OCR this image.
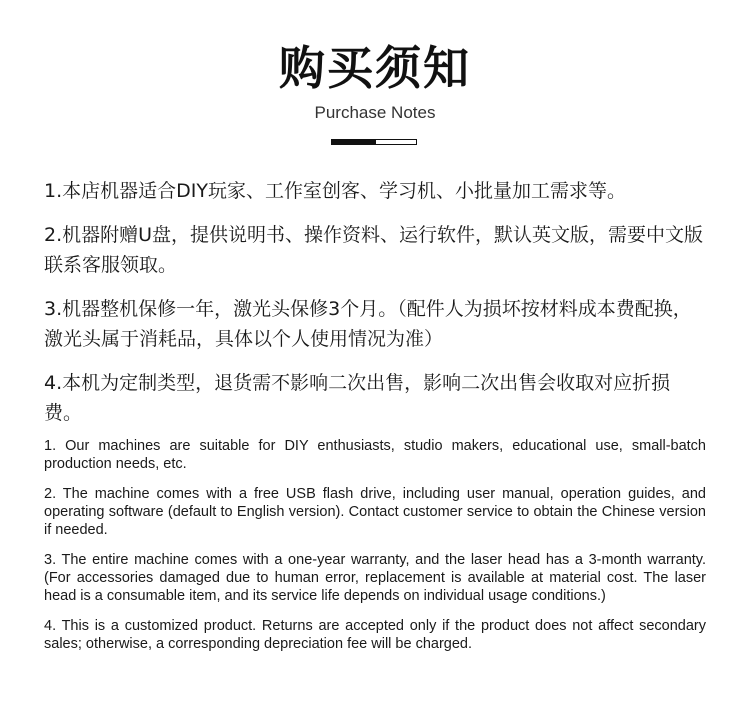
购买须知
Purchase Notes

1.本店机器适合DIY玩家、工作室创客、学习机、小批量加工需求等。

2.机器附赠U盘，提供说明书、操作资料、运行软件，默认英文版，需要中文版联系客服领取。

3.机器整机保修一年，激光头保修3个月。（配件人为损坏按材料成本费配换，激光头属于消耗品，具体以个人使用情况为准）

4.本机为定制类型，退货需不影响二次出售，影响二次出售会收取对应折损费。

1. Our machines are suitable for DIY enthusiasts, studio makers, educational use, small-batch production needs, etc.

2. The machine comes with a free USB flash drive, including user manual, operation guides, and operating software (default to English version). Contact customer service to obtain the Chinese version if needed.

3. The entire machine comes with a one-year warranty, and the laser head has a 3-month warranty. (For accessories damaged due to human error, replacement is available at material cost. The laser head is a consumable item, and its service life depends on individual usage conditions.)

4. This is a customized product. Returns are accepted only if the product does not affect secondary sales; otherwise, a corresponding depreciation fee will be charged.
